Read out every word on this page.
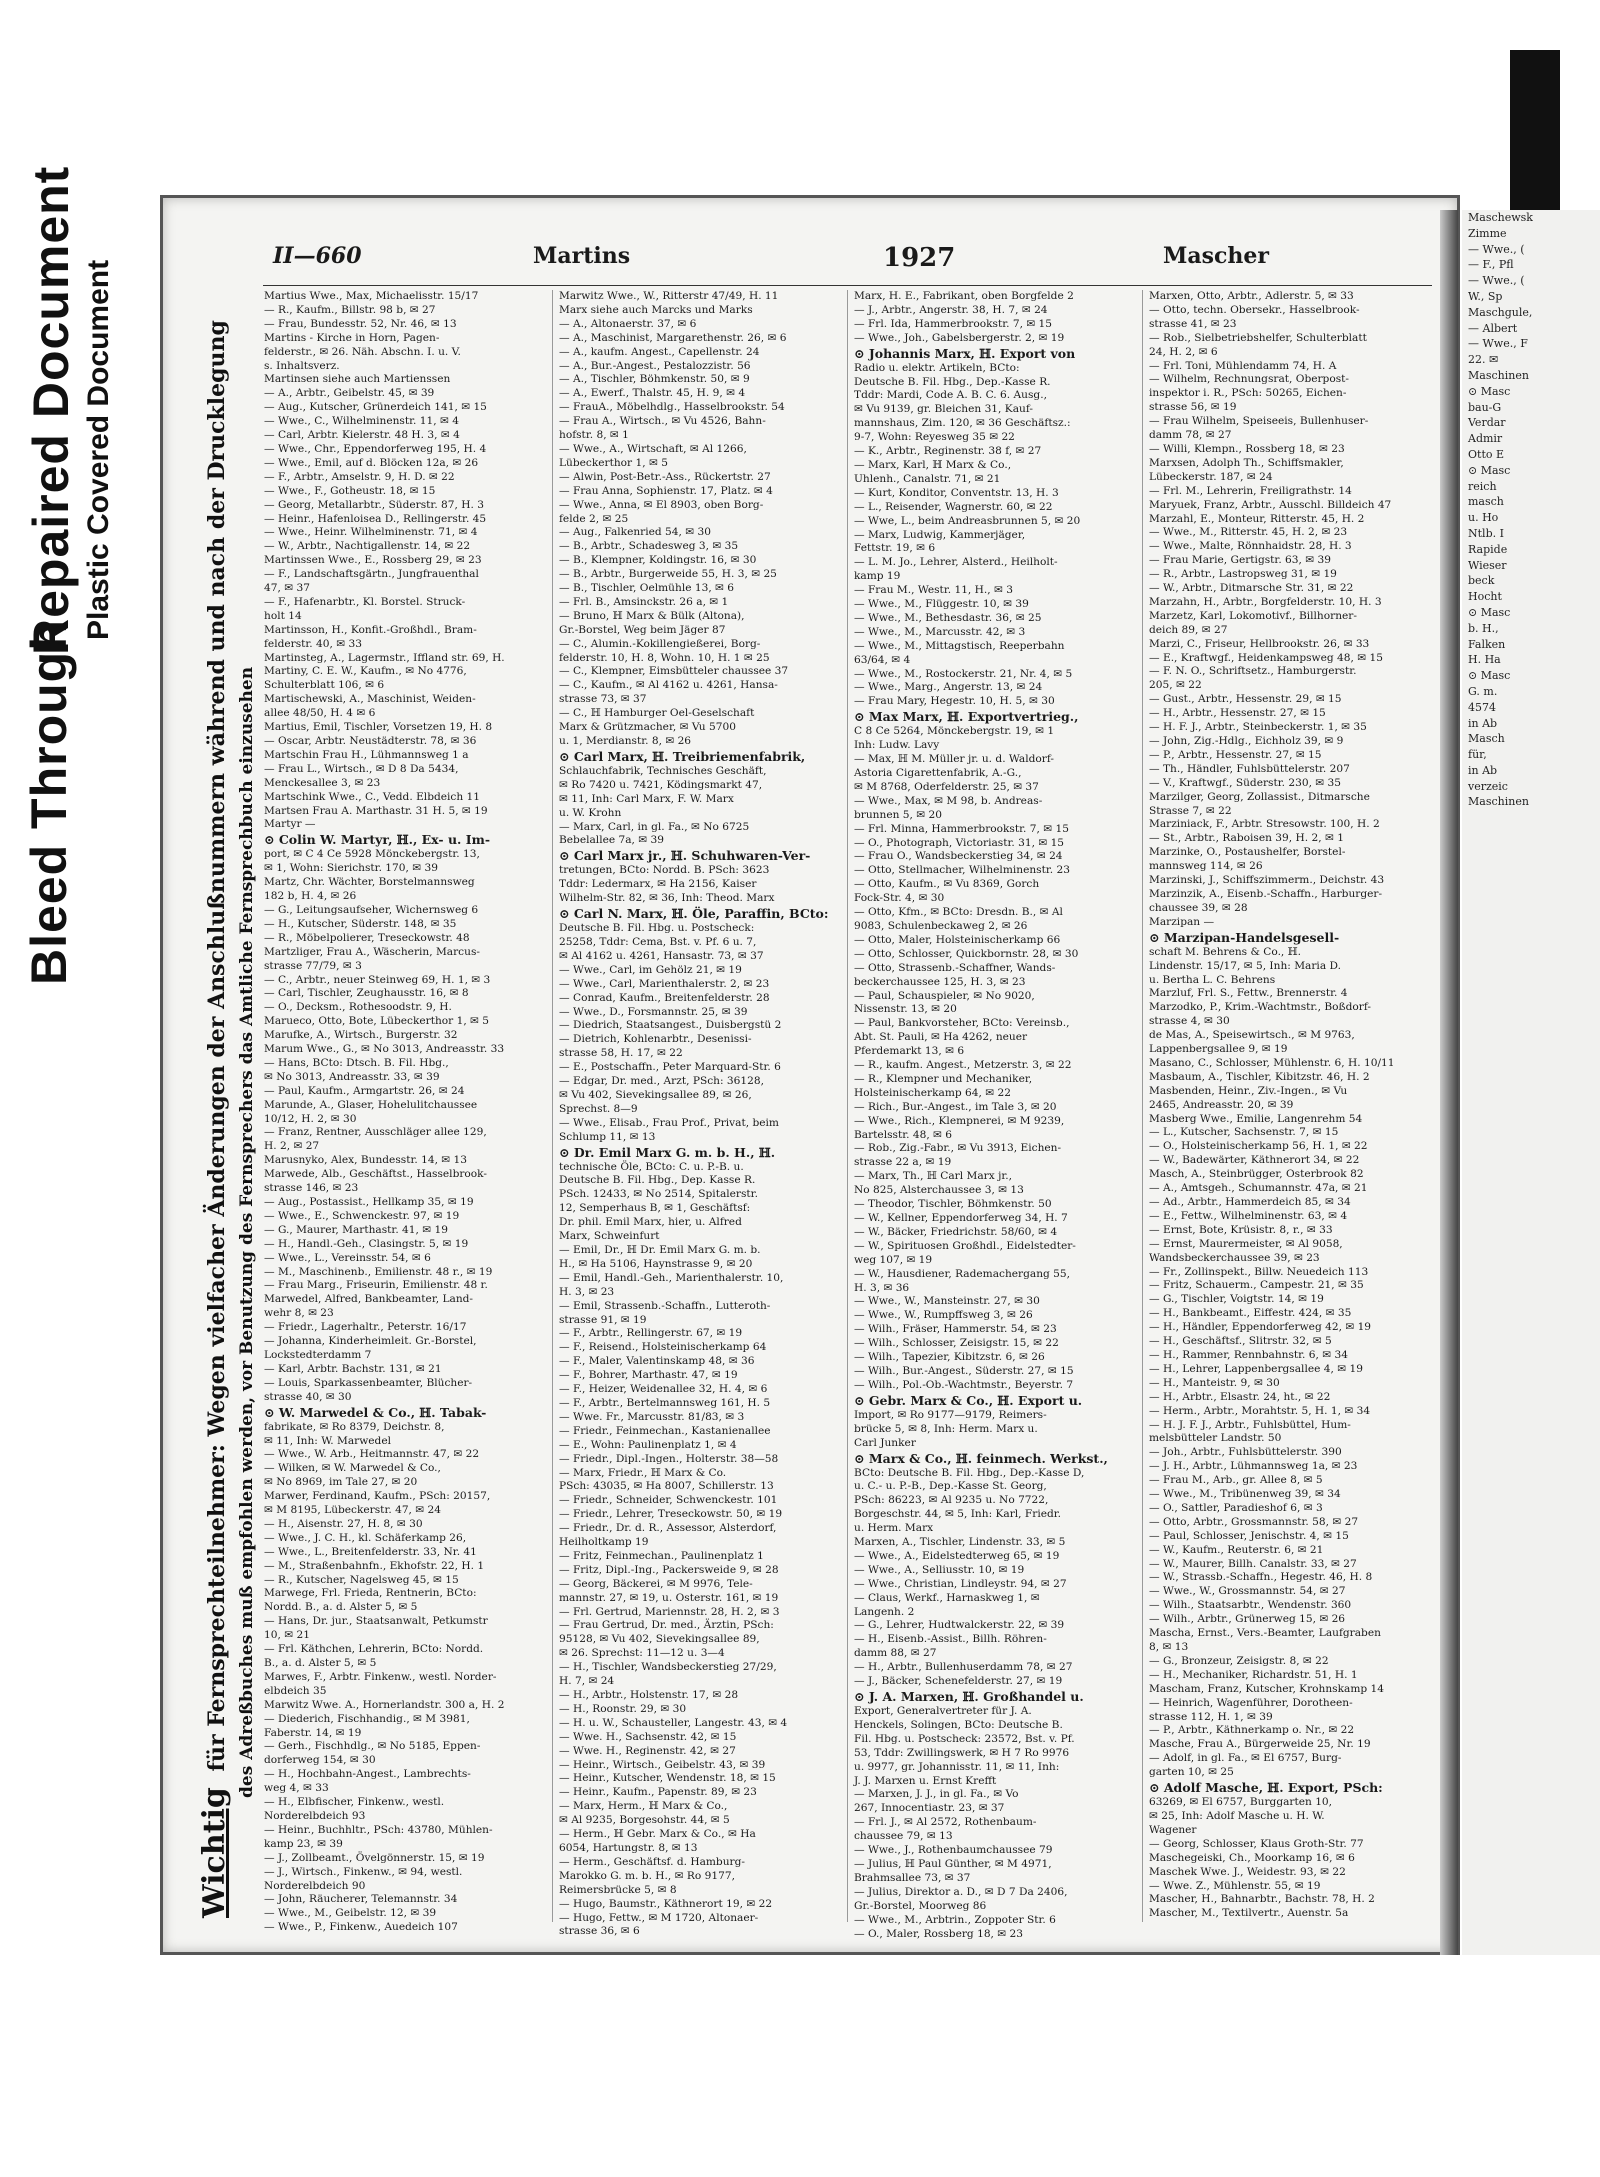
Bleed Through
Repaired Document Plastic Covered Document
II—660	Martins	1927	Mascher
Wichtig für Fernsprechteilnehmer: Wegen vielfacher Änderungen der Anschlußnummern während und nach der Drucklegung des Adreßbuches muß empfohlen werden, vor Benutzung des Fernsprechers das Amtliche Fernsprechbuch einzusehen
Martius Wwe., Max, Michaelisstr. 15/17
— R., Kaufm., Billstr. 98 b, ✉ 27
— Frau, Bundesstr. 52, Nr. 46, ✉ 13
Martins - Kirche in Horn, Pagen-
felderstr., ✉ 26. Näh. Abschn. I. u. V.
s. Inhaltsverz.
Martinsen siehe auch Martienssen
— A., Arbtr., Geibelstr. 45, ✉ 39
— Aug., Kutscher, Grünerdeich 141, ✉ 15
— Wwe., C., Wilhelminenstr. 11, ✉ 4
— Carl, Arbtr. Kielerstr. 48 H. 3, ✉ 4
— Wwe., Chr., Eppendorferweg 195, H. 4
— Wwe., Emil, auf d. Blöcken 12a, ✉ 26
— F., Arbtr., Amselstr. 9, H. D. ✉ 22
— Wwe., F., Gotheustr. 18, ✉ 15
— Georg, Metallarbtr., Süderstr. 87, H. 3
— Heinr., Hafenloiseа D., Rellingerstr. 45
— Wwe., Heinr. Wilhelminenstr. 71, ✉ 4
— W., Arbtr., Nachtigallenstr. 14, ✉ 22
Martinssen Wwe., E., Rossberg 29, ✉ 23
— F., Landschaftsgärtn., Jungfrauenthal
47, ✉ 37
— F., Hafenarbtr., Kl. Borstel. Struck-
holt 14
Martinsson, H., Konfit.-Großhdl., Bram-
felderstr. 40, ✉ 33
Martinsteg, A., Lagermstr., Iffland str. 69, H.
Martiny, C. E. W., Kaufm., ✉ No 4776,
Schulterblatt 106, ✉ 6
Martischewski, A., Maschinist, Weiden-
allee 48/50, H. 4 ✉ 6
Martius, Emil, Tischler, Vorsetzen 19, H. 8
— Oscar, Arbtr. Neustädterstr. 78, ✉ 36
Martschin Frau H., Lühmannsweg 1 a
— Frau L., Wirtsch., ✉ D 8 Da 5434,
Menckesallee 3, ✉ 23
Martschink Wwe., C., Vedd. Elbdeich 11
Martsen Frau A. Marthastr. 31 H. 5, ✉ 19
Martyr —
⊙ Colin W. Martyr, ℍ., Ex- u. Im-
port, ✉ C 4 Ce 5928 Mönckebergstr. 13,
✉ 1, Wohn: Sierichstr. 170, ✉ 39
Martz, Chr. Wächter, Borstelmannsweg
182 b, H. 4, ✉ 26
— G., Leitungsaufseher, Wichernsweg 6
— H., Kutscher, Süderstr. 148, ✉ 35
— R., Möbelpolierer, Treseckowstr. 48
Martzliger, Frau A., Wäscherin, Marcus-
strasse 77/79, ✉ 3
— C., Arbtr., neuer Steinweg 69, H. 1, ✉ 3
— Carl, Tischler, Zeughausstr. 16, ✉ 8
— O., Decksm., Rothesoodstr. 9, H.
Marueco, Otto, Bote, Lübeckerthor 1, ✉ 5
Marufke, A., Wirtsch., Burgerstr. 32
Marum Wwe., G., ✉ No 3013, Andreasstr. 33
— Hans, BCto: Dtsch. B. Fil. Hbg.,
✉ No 3013, Andreasstr. 33, ✉ 39
— Paul, Kaufm., Armgartstr. 26, ✉ 24
Marunde, A., Glaser, Hohelulitchaussee
10/12, H. 2, ✉ 30
— Franz, Rentner, Ausschläger allee 129,
H. 2, ✉ 27
Marusnyko, Alex, Bundesstr. 14, ✉ 13
Marwede, Alb., Geschäftst., Hasselbrook-
strasse 146, ✉ 23
— Aug., Postassist., Hellkamp 35, ✉ 19
— Wwe., E., Schwenckestr. 97, ✉ 19
— G., Maurer, Marthastr. 41, ✉ 19
— H., Handl.-Geh., Clasingstr. 5, ✉ 19
— Wwe., L., Vereinsstr. 54, ✉ 6
— M., Maschinenb., Emilienstr. 48 r., ✉ 19
— Frau Marg., Friseurin, Emilienstr. 48 r.
Marwedel, Alfred, Bankbeamter, Land-
wehr 8, ✉ 23
— Friedr., Lagerhaltr., Peterstr. 16/17
— Johanna, Kinderheimleit. Gr.-Borstel,
Lockstedterdamm 7
— Karl, Arbtr. Bachstr. 131, ✉ 21
— Louis, Sparkassenbeamter, Blücher-
strasse 40, ✉ 30
⊙ W. Marwedel & Co., ℍ. Tabak-
fabrikate, ✉ Ro 8379, Deichstr. 8,
✉ 11, Inh: W. Marwedel
— Wwe., W. Arb., Heitmannstr. 47, ✉ 22
— Wilken, ✉ W. Marwedel & Co.,
✉ No 8969, im Tale 27, ✉ 20
Marwer, Ferdinand, Kaufm., PSch: 20157,
✉ M 8195, Lübeckerstr. 47, ✉ 24
— H., Aisenstr. 27, H. 8, ✉ 30
— Wwe., J. C. H., kl. Schäferkamp 26,
— Wwe., L., Breitenfelderstr. 33, Nr. 41
— M., Straßenbahnfn., Ekhofstr. 22, H. 1
— R., Kutscher, Nagelsweg 45, ✉ 15
Marwege, Frl. Frieda, Rentnerin, BCto:
Nordd. B., a. d. Alster 5, ✉ 5
— Hans, Dr. jur., Staatsanwalt, Petkumstr
10, ✉ 21
— Frl. Käthchen, Lehrerin, BCto: Nordd.
B., a. d. Alster 5, ✉ 5
Marwes, F., Arbtr. Finkenw., westl. Norder-
elbdeich 35
Marwitz Wwe. A., Hornerlandstr. 300 a, H. 2
— Diederich, Fischhandig., ✉ M 3981,
Faberstr. 14, ✉ 19
— Gerh., Fischhdlg., ✉ No 5185, Eppen-
dorferweg 154, ✉ 30
— H., Hochbahn-Angest., Lambrechts-
weg 4, ✉ 33
— H., Elbfischer, Finkenw., westl.
Norderelbdeich 93
— Heinr., Buchhltr., PSch: 43780, Mühlen-
kamp 23, ✉ 39
— J., Zollbeamt., Övelgönnerstr. 15, ✉ 19
— J., Wirtsch., Finkenw., ✉ 94, westl.
Norderelbdeich 90
— John, Räucherer, Telemannstr. 34
— Wwe., M., Geibelstr. 12, ✉ 39
— Wwe., P., Finkenw., Auedeich 107
Marwitz Wwe., W., Ritterstr 47/49, H. 11
Marx siehe auch Marcks und Marks
— A., Altonaerstr. 37, ✉ 6
— A., Maschinist, Margarethenstr. 26, ✉ 6
— A., kaufm. Angest., Capellenstr. 24
— A., Bur.-Angest., Pestalozzistr. 56
— A., Tischler, Böhmkenstr. 50, ✉ 9
— A., Ewerf., Thalstr. 45, H. 9, ✉ 4
— FrauA., Möbelhdlg., Hasselbrookstr. 54
— Frau A., Wirtsch., ✉ Vu 4526, Bahn-
hofstr. 8, ✉ 1
— Wwe., A., Wirtschaft, ✉ Al 1266,
Lübeckerthor 1, ✉ 5
— Alwin, Post-Betr.-Ass., Rückertstr. 27
— Frau Anna, Sophienstr. 17, Platz. ✉ 4
— Wwe., Anna, ✉ El 8903, oben Borg-
felde 2, ✉ 25
— Aug., Falkenried 54, ✉ 30
— B., Arbtr., Schadesweg 3, ✉ 35
— B., Klempner, Koldingstr. 16, ✉ 30
— B., Arbtr., Burgerweide 55, H. 3, ✉ 25
— B., Tischler, Oelmühle 13, ✉ 6
— Frl. B., Amsinckstr. 26 a, ✉ 1
— Bruno, ℍ Marx & Bülk (Altona),
Gr.-Borstel, Weg beim Jäger 87
— C., Alumin.-Kokillengießerei, Borg-
felderstr. 10, H. 8, Wohn. 10, H. 1 ✉ 25
— C., Klempner, Eimsbütteler chaussee 37
— C., Kaufm., ✉ Al 4162 u. 4261, Hansa-
strasse 73, ✉ 37
— C., ℍ Hamburger Oel-Geselschaft
Marx & Grützmacher, ✉ Vu 5700
u. 1, Merdianstr. 8, ✉ 26
⊙ Carl Marx, ℍ. Treibriemenfabrik,
Schlauchfabrik, Technisches Geschäft,
✉ Ro 7420 u. 7421, Ködingsmarkt 47,
✉ 11, Inh: Carl Marx, F. W. Marx
u. W. Krohn
— Marx, Carl, in gl. Fa., ✉ No 6725
Bebelallee 7a, ✉ 39
⊙ Carl Marx jr., ℍ. Schuhwaren-Ver-
tretungen, BCto: Nordd. B. PSch: 3623
Tddr: Ledermarx, ✉ Ha 2156, Kaiser
Wilhelm-Str. 82, ✉ 36, Inh: Theod. Marx
⊙ Carl N. Marx, ℍ. Öle, Paraffin, BCto:
Deutsche B. Fil. Hbg. u. Postscheck:
25258, Tddr: Cema, Bst. v. Pf. 6 u. 7,
✉ Al 4162 u. 4261, Hansastr. 73, ✉ 37
— Wwe., Carl, im Gehölz 21, ✉ 19
— Wwe., Carl, Marienthalerstr. 2, ✉ 23
— Conrad, Kaufm., Breitenfelderstr. 28
— Wwe., D., Forsmannstr. 25, ✉ 39
— Diedrich, Staatsangest., Duisbergstü 2
— Dietrich, Kohlenarbtr., Desenissi-
strasse 58, H. 17, ✉ 22
— E., Postschaffn., Peter Marquard-Str. 6
— Edgar, Dr. med., Arzt, PSch: 36128,
✉ Vu 402, Sievekingsallee 89, ✉ 26,
Sprechst. 8—9
— Wwe., Elisab., Frau Prof., Privat, beim
Schlump 11, ✉ 13
⊙ Dr. Emil Marx G. m. b. H., ℍ.
technische Öle, BCto: C. u. P.-B. u.
Deutsche B. Fil. Hbg., Dep. Kasse R.
PSch. 12433, ✉ No 2514, Spitalerstr.
12, Semperhaus B, ✉ 1, Geschäftsf:
Dr. phil. Emil Marx, hier, u. Alfred
Marx, Schweinfurt
— Emil, Dr., ℍ Dr. Emil Marx G. m. b.
H., ✉ Ha 5106, Haynstrasse 9, ✉ 20
— Emil, Handl.-Geh., Marienthalerstr. 10,
H. 3, ✉ 23
— Emil, Strassenb.-Schaffn., Lutteroth-
strasse 91, ✉ 19
— F., Arbtr., Rellingerstr. 67, ✉ 19
— F., Reisend., Holsteinischerkamp 64
— F., Maler, Valentinskamp 48, ✉ 36
— F., Bohrer, Marthastr. 47, ✉ 19
— F., Heizer, Weidenallee 32, H. 4, ✉ 6
— F., Arbtr., Bertelmannsweg 161, H. 5
— Wwe. Fr., Marcusstr. 81/83, ✉ 3
— Friedr., Feinmechan., Kastanienallee
— E., Wohn: Paulinenplatz 1, ✉ 4
— Friedr., Dipl.-Ingen., Holterstr. 38—58
— Marx, Friedr., ℍ Marx & Co.
PSch: 43035, ✉ Ha 8007, Schillerstr. 13
— Friedr., Schneider, Schwenckestr. 101
— Friedr., Lehrer, Treseckowstr. 50, ✉ 19
— Friedr., Dr. d. R., Assessor, Alsterdorf,
Heilholtkamp 19
— Fritz, Feinmechan., Paulinenplatz 1
— Fritz, Dipl.-Ing., Packersweide 9, ✉ 28
— Georg, Bäckerei, ✉ M 9976, Tele-
mannstr. 27, ✉ 19, u. Osterstr. 161, ✉ 19
— Frl. Gertrud, Mariennstr. 28, H. 2, ✉ 3
— Frau Gertrud, Dr. med., Ärztin, PSch:
95128, ✉ Vu 402, Sievekingsallee 89,
✉ 26. Sprechst: 11—12 u. 3—4
— H., Tischler, Wandsbeckerstieg 27/29,
H. 7, ✉ 24
— H., Arbtr., Holstenstr. 17, ✉ 28
— H., Roonstr. 29, ✉ 30
— H. u. W., Schausteller, Langestr. 43, ✉ 4
— Wwe. H., Sachsenstr. 42, ✉ 15
— Wwe. H., Reginenstr. 42, ✉ 27
— Heinr., Wirtsch., Geibelstr. 43, ✉ 39
— Heinr., Kutscher, Wendenstr. 18, ✉ 15
— Heinr., Kaufm., Papenstr. 89, ✉ 23
— Marx, Herm., ℍ Marx & Co.,
✉ Al 9235, Borgesohstr. 44, ✉ 5
— Herm., ℍ Gebr. Marx & Co., ✉ Ha
6054, Hartungstr. 8, ✉ 13
— Herm., Geschäftsf. d. Hamburg-
Marokko G. m. b. H., ✉ Ro 9177,
Reimersbrücke 5, ✉ 8
— Hugo, Baumstr., Käthnerort 19, ✉ 22
— Hugo, Fettw., ✉ M 1720, Altonaer-
strasse 36, ✉ 6
Marx, H. E., Fabrikant, oben Borgfelde 2
— J., Arbtr., Angerstr. 38, H. 7, ✉ 24
— Frl. Ida, Hammerbrookstr. 7, ✉ 15
— Wwe., Joh., Gabelsbergerstr. 2, ✉ 19
⊙ Johannis Marx, ℍ. Export von
Radio u. elektr. Artikeln, BCto:
Deutsche B. Fil. Hbg., Dep.-Kasse R.
Tddr: Mardi, Code A. B. C. 6. Ausg.,
✉ Vu 9139, gr. Bleichen 31, Kauf-
mannshaus, Zim. 120, ✉ 36 Geschäftsz.:
9-7, Wohn: Reyesweg 35 ✉ 22
— K., Arbtr., Reginenstr. 38 f, ✉ 27
— Marx, Karl, ℍ Marx & Co.,
Uhlenh., Canalstr. 71, ✉ 21
— Kurt, Konditor, Conventstr. 13, H. 3
— L., Reisender, Wagnerstr. 60, ✉ 22
— Wwe, L., beim Andreasbrunnen 5, ✉ 20
— Marx, Ludwig, Kammerjäger,
Fettstr. 19, ✉ 6
— L. M. Jo., Lehrer, Alsterd., Heilholt-
kamp 19
— Frau M., Westr. 11, H., ✉ 3
— Wwe., M., Flüggestr. 10, ✉ 39
— Wwe., M., Bethesdastr. 36, ✉ 25
— Wwe., M., Marcusstr. 42, ✉ 3
— Wwe., M., Mittagstisch, Reeperbahn
63/64, ✉ 4
— Wwe., M., Rostockerstr. 21, Nr. 4, ✉ 5
— Wwe., Marg., Angerstr. 13, ✉ 24
— Frau Mary, Hegestr. 10, H. 5, ✉ 30
⊙ Max Marx, ℍ. Exportvertrieg.,
C 8 Ce 5264, Mönckebergstr. 19, ✉ 1
Inh: Ludw. Lavy
— Max, ℍ M. Müller jr. u. d. Waldorf-
Astoria Cigarettenfabrik, A.-G.,
✉ M 8768, Oderfelderstr. 25, ✉ 37
— Wwe., Max, ✉ M 98, b. Andreas-
brunnen 5, ✉ 20
— Frl. Minna, Hammerbrookstr. 7, ✉ 15
— O., Photograph, Victoriastr. 31, ✉ 15
— Frau O., Wandsbeckerstieg 34, ✉ 24
— Otto, Stellmacher, Wilhelminenstr. 23
— Otto, Kaufm., ✉ Vu 8369, Gorch
Fock-Str. 4, ✉ 30
— Otto, Kfm., ✉ BCto: Dresdn. B., ✉ Al
9083, Schulenbeckaweg 2, ✉ 26
— Otto, Maler, Holsteinischerkamp 66
— Otto, Schlosser, Quickbornstr. 28, ✉ 30
— Otto, Strassenb.-Schaffner, Wands-
beckerchaussee 125, H. 3, ✉ 23
— Paul, Schauspieler, ✉ No 9020,
Nissenstr. 13, ✉ 20
— Paul, Bankvorsteher, BCto: Vereinsb.,
Abt. St. Pauli, ✉ Ha 4262, neuer
Pferdemarkt 13, ✉ 6
— R., kaufm. Angest., Metzerstr. 3, ✉ 22
— R., Klempner und Mechaniker,
Holsteinischerkamp 64, ✉ 22
— Rich., Bur.-Angest., im Tale 3, ✉ 20
— Wwe., Rich., Klempnerei, ✉ M 9239,
Bartelsstr. 48, ✉ 6
— Rob., Zig.-Fabr., ✉ Vu 3913, Eichen-
strasse 22 a, ✉ 19
— Marx, Th., ℍ Carl Marx jr.,
No 825, Alsterchaussee 3, ✉ 13
— Theodor, Tischler, Böhmkenstr. 50
— W., Kellner, Eppendorferweg 34, H. 7
— W., Bäcker, Friedrichstr. 58/60, ✉ 4
— W., Spirituosen Großhdl., Eidelstedter-
weg 107, ✉ 19
— W., Hausdiener, Rademachergang 55,
H. 3, ✉ 36
— Wwe., W., Mansteinstr. 27, ✉ 30
— Wwe., W., Rumpffsweg 3, ✉ 26
— Wilh., Fräser, Hammerstr. 54, ✉ 23
— Wilh., Schlosser, Zeisigstr. 15, ✉ 22
— Wilh., Tapezier, Kibitzstr. 6, ✉ 26
— Wilh., Bur.-Angest., Süderstr. 27, ✉ 15
— Wilh., Pol.-Ob.-Wachtmstr., Beyerstr. 7
⊙ Gebr. Marx & Co., ℍ. Export u.
Import, ✉ Ro 9177—9179, Reimers-
brücke 5, ✉ 8, Inh: Herm. Marx u.
Carl Junker
⊙ Marx & Co., ℍ. feinmech. Werkst.,
BCto: Deutsche B. Fil. Hbg., Dep.-Kasse D,
u. C.- u. P.-B., Dep.-Kasse St. Georg,
PSch: 86223, ✉ Al 9235 u. No 7722,
Borgeschstr. 44, ✉ 5, Inh: Karl, Friedr.
u. Herm. Marx
Marxen, A., Tischler, Lindenstr. 33, ✉ 5
— Wwe., A., Eidelstedterweg 65, ✉ 19
— Wwe., A., Selliusstr. 10, ✉ 19
— Wwe., Christian, Lindleystr. 94, ✉ 27
— Claus, Werkf., Harnaskweg 1, ✉
Langenh. 2
— G., Lehrer, Hudtwalckerstr. 22, ✉ 39
— H., Eisenb.-Assist., Billh. Röhren-
damm 88, ✉ 27
— H., Arbtr., Bullenhuserdamm 78, ✉ 27
— J., Bäcker, Schenefelderstr. 27, ✉ 19
⊙ J. A. Marxen, ℍ. Großhandel u.
Export, Generalvertreter für J. A.
Henckels, Solingen, BCto: Deutsche B.
Fil. Hbg. u. Postscheck: 23572, Bst. v. Pf.
53, Tddr: Zwillingswerk, ✉ H 7 Ro 9976
u. 9977, gr. Johannisstr. 11, ✉ 11, Inh:
J. J. Marxen u. Ernst Krefft
— Marxen, J. J., in gl. Fa., ✉ Vo
267, Innocentiastr. 23, ✉ 37
— Frl. J., ✉ Al 2572, Rothenbaum-
chaussee 79, ✉ 13
— Wwe., J., Rothenbaumchaussee 79
— Julius, ℍ Paul Günther, ✉ M 4971,
Brahmsallee 73, ✉ 37
— Julius, Direktor a. D., ✉ D 7 Da 2406,
Gr.-Borstel, Moorweg 86
— Wwe., M., Arbtrin., Zoppoter Str. 6
— O., Maler, Rossberg 18, ✉ 23
Marxen, Otto, Arbtr., Adlerstr. 5, ✉ 33
— Otto, techn. Obersekr., Hasselbrook-
strasse 41, ✉ 23
— Rob., Sielbetriebshelfer, Schulterblatt
24, H. 2, ✉ 6
— Frl. Toni, Mühlendamm 74, H. A
— Wilhelm, Rechnungsrat, Oberpost-
inspektor i. R., PSch: 50265, Eichen-
strasse 56, ✉ 19
— Frau Wilhelm, Speiseeis, Bullenhuser-
damm 78, ✉ 27
— Willi, Klempn., Rossberg 18, ✉ 23
Marxsen, Adolph Th., Schiffsmakler,
Lübeckerstr. 187, ✉ 24
— Frl. M., Lehrerin, Freiligrathstr. 14
Maryuek, Franz, Arbtr., Ausschl. Billdeich 47
Marzahl, E., Monteur, Ritterstr. 45, H. 2
— Wwe., M., Ritterstr. 45, H. 2, ✉ 23
— Wwe., Malte, Rönnhaidstr. 28, H. 3
— Frau Marie, Gertigstr. 63, ✉ 39
— R., Arbtr., Lastropsweg 31, ✉ 19
— W., Arbtr., Ditmarsche Str. 31, ✉ 22
Marzahn, H., Arbtr., Borgfelderstr. 10, H. 3
Marzetz, Karl, Lokomotivf., Billhorner-
deich 89, ✉ 27
Marzi, C., Friseur, Hellbrookstr. 26, ✉ 33
— E., Kraftwgf., Heidenkampsweg 48, ✉ 15
— F. N. O., Schriftsetz., Hamburgerstr.
205, ✉ 22
— Gust., Arbtr., Hessenstr. 29, ✉ 15
— H., Arbtr., Hessenstr. 27, ✉ 15
— H. F. J., Arbtr., Steinbeckerstr. 1, ✉ 35
— John, Zig.-Hdlg., Eichholz 39, ✉ 9
— P., Arbtr., Hessenstr. 27, ✉ 15
— Th., Händler, Fuhlsbüttelerstr. 207
— V., Kraftwgf., Süderstr. 230, ✉ 35
Marzilger, Georg, Zollassist., Ditmarsche
Strasse 7, ✉ 22
Marziniack, F., Arbtr. Stresowstr. 100, H. 2
— St., Arbtr., Raboisen 39, H. 2, ✉ 1
Marzinke, O., Postaushelfer, Borstel-
mannsweg 114, ✉ 26
Marzinski, J., Schiffszimmerm., Deichstr. 43
Marzinzik, A., Eisenb.-Schaffn., Harburger-
chaussee 39, ✉ 28
Marzipan —
⊙ Marzipan-Handelsgesell-
schaft M. Behrens & Co., ℍ.
Lindenstr. 15/17, ✉ 5, Inh: Maria D.
u. Bertha L. C. Behrens
Marzluf, Frl. S., Fettw., Brennerstr. 4
Marzodko, P., Krim.-Wachtmstr., Boßdorf-
strasse 4, ✉ 30
de Mas, A., Speisewirtsch., ✉ M 9763,
Lappenbergsallee 9, ✉ 19
Masano, C., Schlosser, Mühlenstr. 6, H. 10/11
Masbaum, A., Tischler, Kibitzstr. 46, H. 2
Masbenden, Heinr., Ziv.-Ingen., ✉ Vu
2465, Andreasstr. 20, ✉ 39
Masberg Wwe., Emilie, Langenrehm 54
— L., Kutscher, Sachsenstr. 7, ✉ 15
— O., Holsteinischerkamp 56, H. 1, ✉ 22
— W., Badewärter, Käthnerort 34, ✉ 22
Masch, A., Steinbrügger, Osterbrook 82
— A., Amtsgeh., Schumannstr. 47a, ✉ 21
— Ad., Arbtr., Hammerdeich 85, ✉ 34
— E., Fettw., Wilhelminenstr. 63, ✉ 4
— Ernst, Bote, Krüsistr. 8, r., ✉ 33
— Ernst, Maurermeister, ✉ Al 9058,
Wandsbeckerchaussee 39, ✉ 23
— Fr., Zollinspekt., Billw. Neuedeich 113
— Fritz, Schauerm., Campestr. 21, ✉ 35
— G., Tischler, Voigtstr. 14, ✉ 19
— H., Bankbeamt., Eiffestr. 424, ✉ 35
— H., Händler, Eppendorferweg 42, ✉ 19
— H., Geschäftsf., Slitrstr. 32, ✉ 5
— H., Rammer, Rennbahnstr. 6, ✉ 34
— H., Lehrer, Lappenbergsallee 4, ✉ 19
— H., Manteistr. 9, ✉ 30
— H., Arbtr., Elsastr. 24, ht., ✉ 22
— Herm., Arbtr., Morahtstr. 5, H. 1, ✉ 34
— H. J. F. J., Arbtr., Fuhlsbüttel, Hum-
melsbütteler Landstr. 50
— Joh., Arbtr., Fuhlsbüttelerstr. 390
— J. H., Arbtr., Lühmannsweg 1a, ✉ 23
— Frau M., Arb., gr. Allee 8, ✉ 5
— Wwe., M., Tribünenweg 39, ✉ 34
— O., Sattler, Paradieshof 6, ✉ 3
— Otto, Arbtr., Grossmannstr. 58, ✉ 27
— Paul, Schlosser, Jenischstr. 4, ✉ 15
— W., Kaufm., Reuterstr. 6, ✉ 21
— W., Maurer, Billh. Canalstr. 33, ✉ 27
— W., Strassb.-Schaffn., Hegestr. 46, H. 8
— Wwe., W., Grossmannstr. 54, ✉ 27
— Wilh., Staatsarbtr., Wendenstr. 360
— Wilh., Arbtr., Grünerweg 15, ✉ 26
Mascha, Ernst., Vers.-Beamter, Laufgraben
8, ✉ 13
— G., Bronzeur, Zeisigstr. 8, ✉ 22
— H., Mechaniker, Richardstr. 51, H. 1
Mascham, Franz, Kutscher, Krohnskamp 14
— Heinrich, Wagenführer, Dorotheen-
strasse 112, H. 1, ✉ 39
— P., Arbtr., Käthnerkamp o. Nr., ✉ 22
Masche, Frau A., Bürgerweide 25, Nr. 19
— Adolf, in gl. Fa., ✉ El 6757, Burg-
garten 10, ✉ 25
⊙ Adolf Masche, ℍ. Export, PSch:
63269, ✉ El 6757, Burggarten 10,
✉ 25, Inh: Adolf Masche u. H. W.
Wagener
— Georg, Schlosser, Klaus Groth-Str. 77
Maschegeiski, Ch., Moorkamp 16, ✉ 6
Maschek Wwe. J., Weidestr. 93, ✉ 22
— Wwe. Z., Mühlenstr. 55, ✉ 19
Mascher, H., Bahnarbtr., Bachstr. 78, H. 2
Mascher, M., Textilvertr., Auenstr. 5a
Maschewsk
Zimme
— Wwe., (
— F., Pfl
— Wwe., (
W., Sp
Maschgule,
— Albert
— Wwe., F
22. ✉
Maschinen
⊙ Masc
bau-G
Verdar
Admir
Otto E
⊙ Masc
reich
masch
u. Ho
Ntlb. I
Rapide
Wieser
beck
Hocht
⊙ Masc
b. H.,
Falken
H. Ha
⊙ Masc
G. m.
4574
in Ab
Masch
für,
in Ab
verzeic
Maschinen
